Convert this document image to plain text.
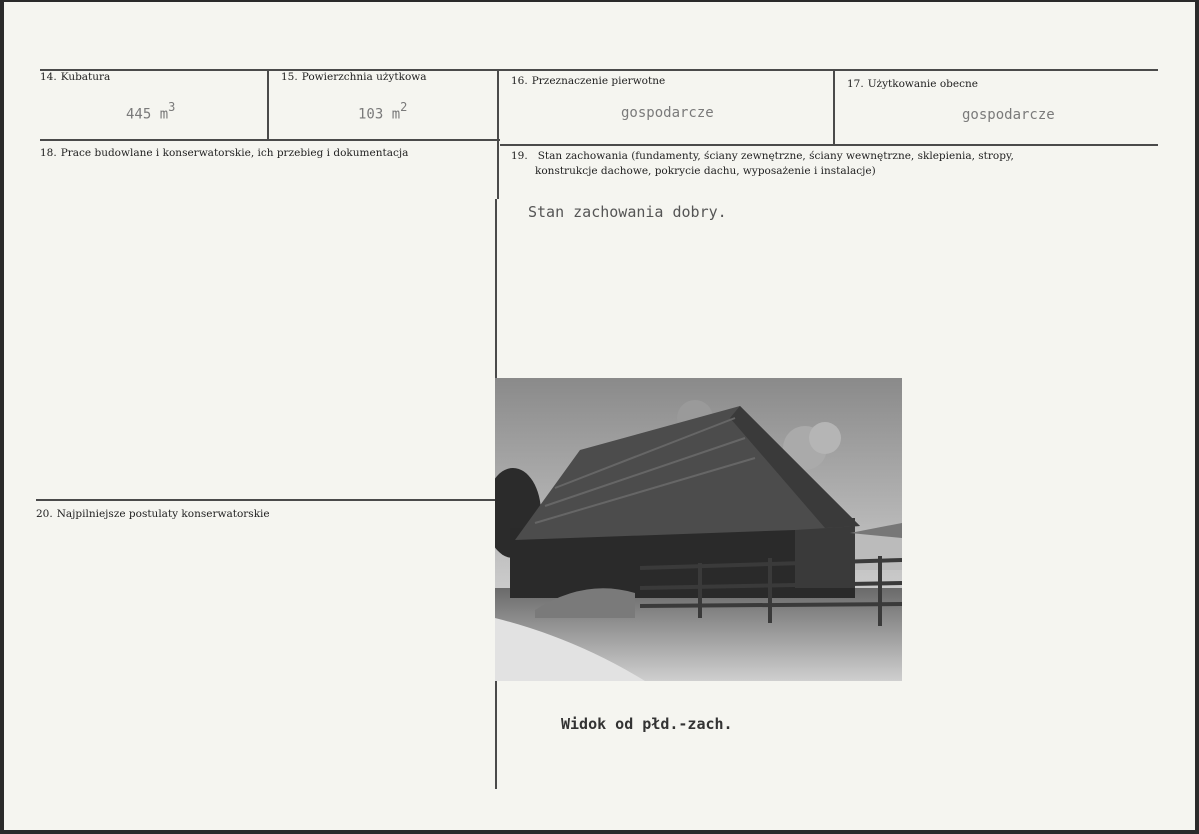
14. Kubatura
445 $m^3$
15. Powierzchnia użytkowa
103 $m^2$
16. Przeznaczenie pierwotne
gospodarcze
17. Użytkowanie obecne
gospodarcze
18. Prace budowlane i konserwatorskie, ich przebieg i dokumentacja	19. Stan zachowania (fundamenty, ściany zewnętrzne, ściany wewnętrzne, sklepienia, stropy,
konstrukcje dachowe, pokrycie dachu, wyposażenie i instalacje)
Stan zachowania dobry.
20. Najpilniejsze postulaty konserwatorskie
Widok od płd.-zach.
